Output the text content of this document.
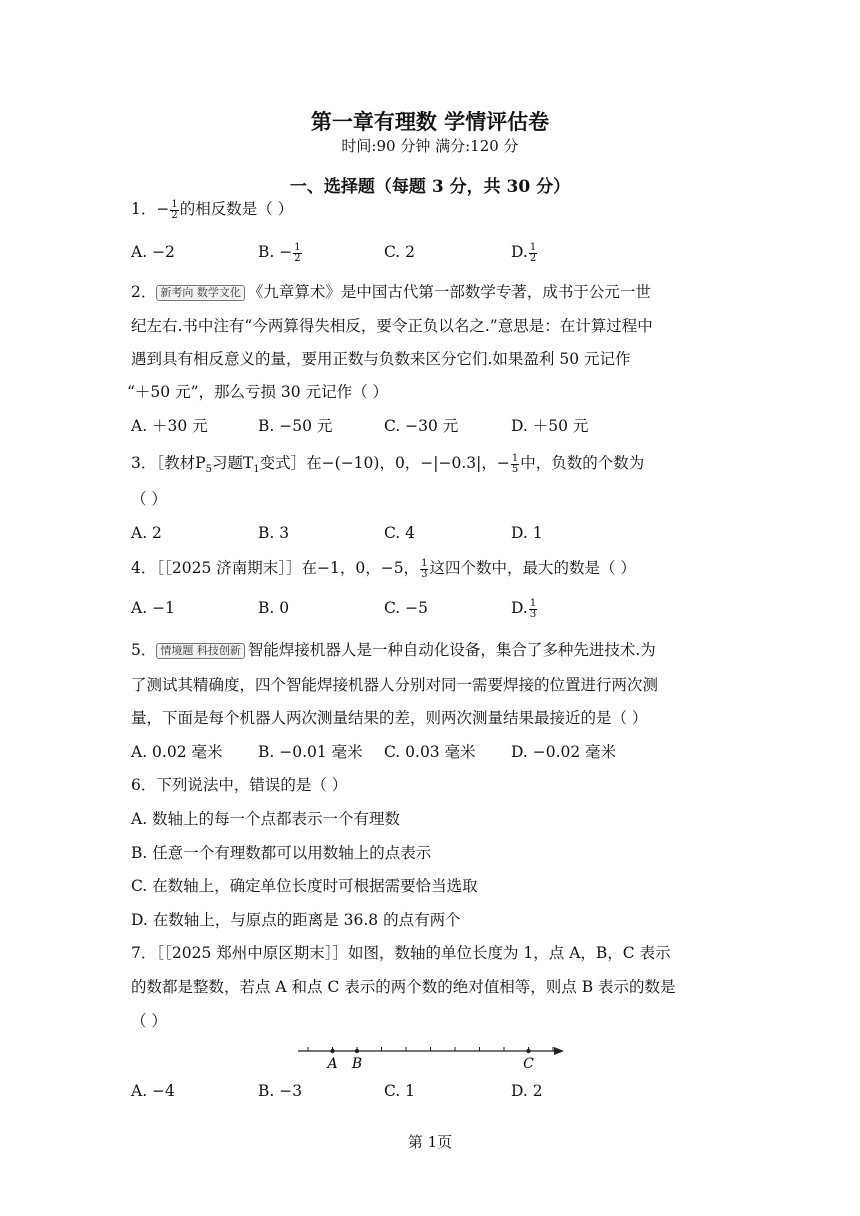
第一章有理数 学情评估卷
时间:90 分钟 满分:120 分
一、选择题（每题 3 分，共 30 分）
1．− $\frac{1}{2}$ 的相反数是（ ）
A. −2	B. − $\frac{1}{2}$	C. 2	D. $\frac{1}{2}$
2． 新考向 数学文化 《九章算术》是中国古代第一部数学专著，成书于公元一世
纪左右.书中注有“今两算得失相反，要令正负以名之.”意思是：在计算过程中
遇到具有相反意义的量，要用正数与负数来区分它们.如果盈利 50 元记作
“＋50 元”，那么亏损 30 元记作（ ）
A. ＋30 元	B. −50 元	C. −30 元	D. ＋50 元
3．［教材$P_5$习题$T_1$变式］在−(−10)，0，−|−0.3|，− $\frac{1}{5}$ 中，负数的个数为
（ ）
A. 2	B. 3	C. 4	D. 1
4．［［2025 济南期末］］在−1，0，−5， $\frac{1}{3}$ 这四个数中，最大的数是（ ）
A. −1	B. 0	C. −5	D. $\frac{1}{3}$
5． 情境题 科技创新 智能焊接机器人是一种自动化设备，集合了多种先进技术.为
了测试其精确度，四个智能焊接机器人分别对同一需要焊接的位置进行两次测
量，下面是每个机器人两次测量结果的差，则两次测量结果最接近的是（ ）
A. 0.02 毫米 B. −0.01 毫米 C. 0.03 毫米 D. −0.02 毫米
6．下列说法中，错误的是（ ）
A. 数轴上的每一个点都表示一个有理数
B. 任意一个有理数都可以用数轴上的点表示
C. 在数轴上，确定单位长度时可根据需要恰当选取
D. 在数轴上，与原点的距离是 36.8 的点有两个
7．［［2025 郑州中原区期末］］如图，数轴的单位长度为 1，点 A，B，C 表示
的数都是整数，若点 A 和点 C 表示的两个数的绝对值相等，则点 B 表示的数是
（ ）
A B	C
A. −4	B. −3	C. 1	D. 2
第 1页
